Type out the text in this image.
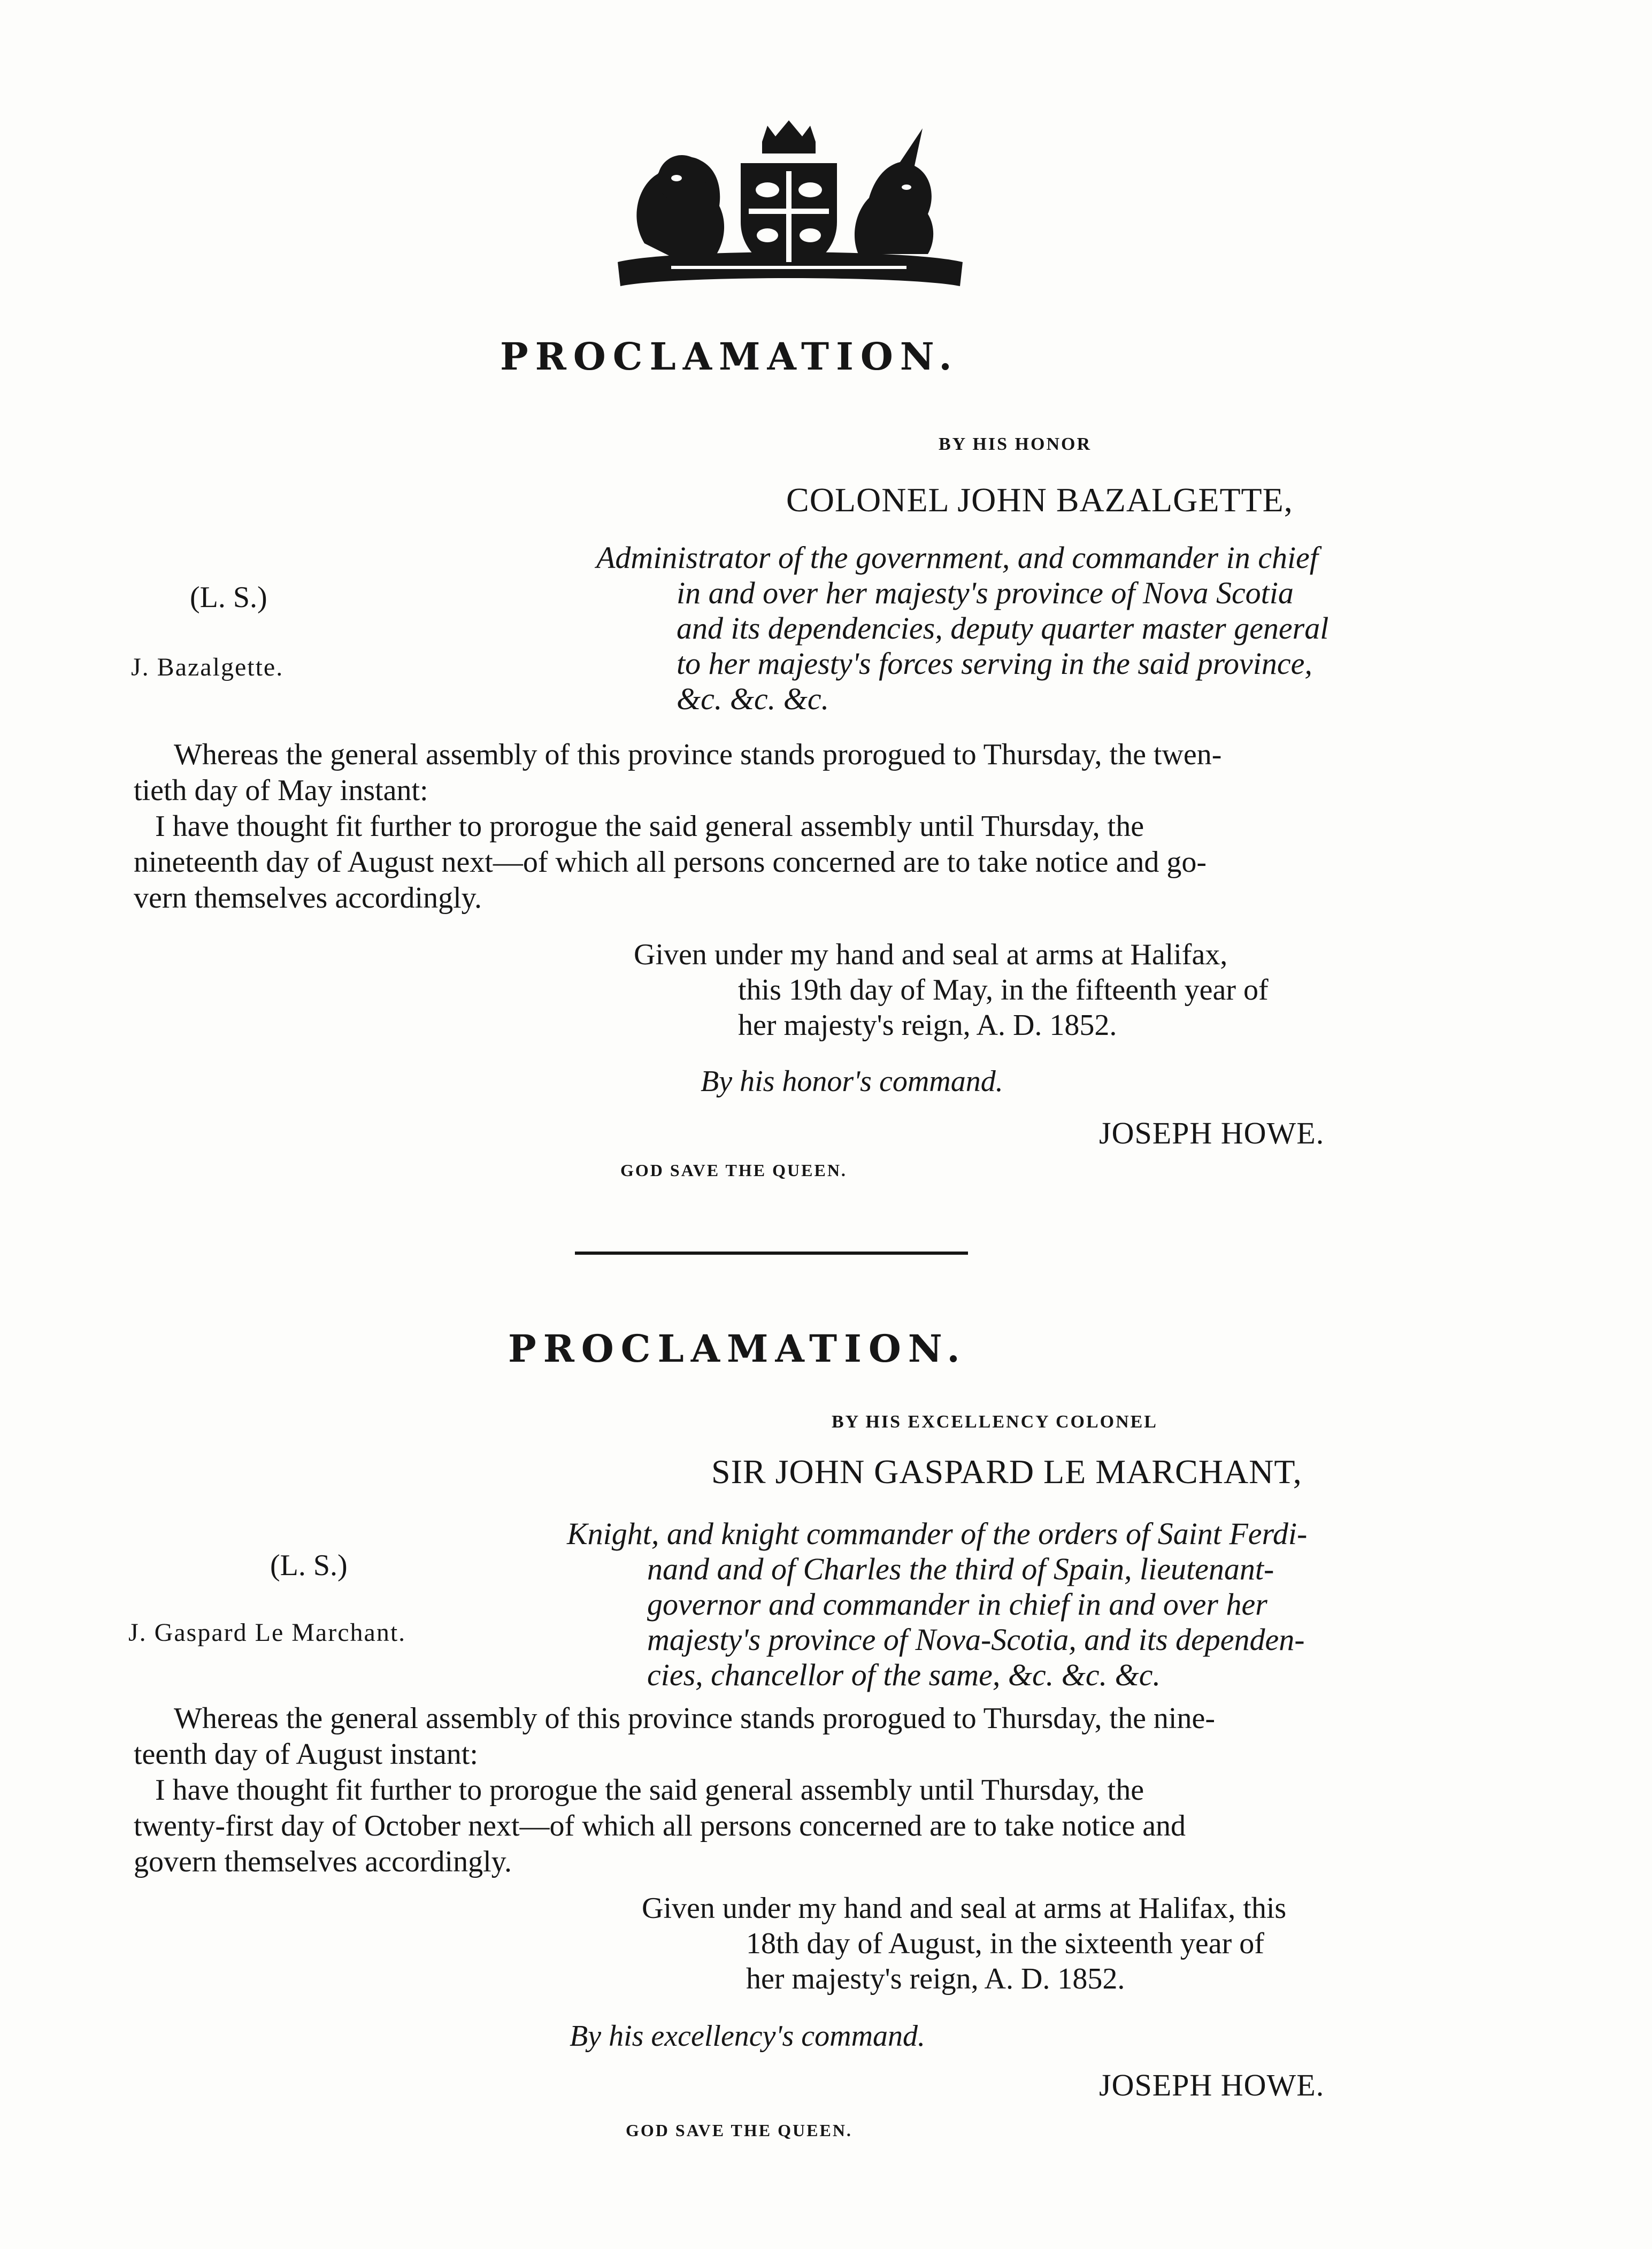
PROCLAMATION.
BY HIS HONOR
COLONEL JOHN BAZALGETTE,
(L. S.)
J. Bazalgette.
Administrator of the government, and commander in chief
in and over her majesty's province of Nova Scotia
and its dependencies, deputy quarter master general
to her majesty's forces serving in the said province,
&c. &c. &c.
Whereas the general assembly of this province stands prorogued to Thursday, the twen-
tieth day of May instant:
I have thought fit further to prorogue the said general assembly until Thursday, the
nineteenth day of August next—of which all persons concerned are to take notice and go-
vern themselves accordingly.
Given under my hand and seal at arms at Halifax,
this 19th day of May, in the fifteenth year of
her majesty's reign, A. D. 1852.
By his honor's command.
JOSEPH HOWE.
GOD SAVE THE QUEEN.
PROCLAMATION.
BY HIS EXCELLENCY COLONEL
SIR JOHN GASPARD LE MARCHANT,
(L. S.)
J. Gaspard Le Marchant.
Knight, and knight commander of the orders of Saint Ferdi-
nand and of Charles the third of Spain, lieutenant-
governor and commander in chief in and over her
majesty's province of Nova-Scotia, and its dependen-
cies, chancellor of the same, &c. &c. &c.
Whereas the general assembly of this province stands prorogued to Thursday, the nine-
teenth day of August instant:
I have thought fit further to prorogue the said general assembly until Thursday, the
twenty-first day of October next—of which all persons concerned are to take notice and
govern themselves accordingly.
Given under my hand and seal at arms at Halifax, this
18th day of August, in the sixteenth year of
her majesty's reign, A. D. 1852.
By his excellency's command.
JOSEPH HOWE.
GOD SAVE THE QUEEN.
